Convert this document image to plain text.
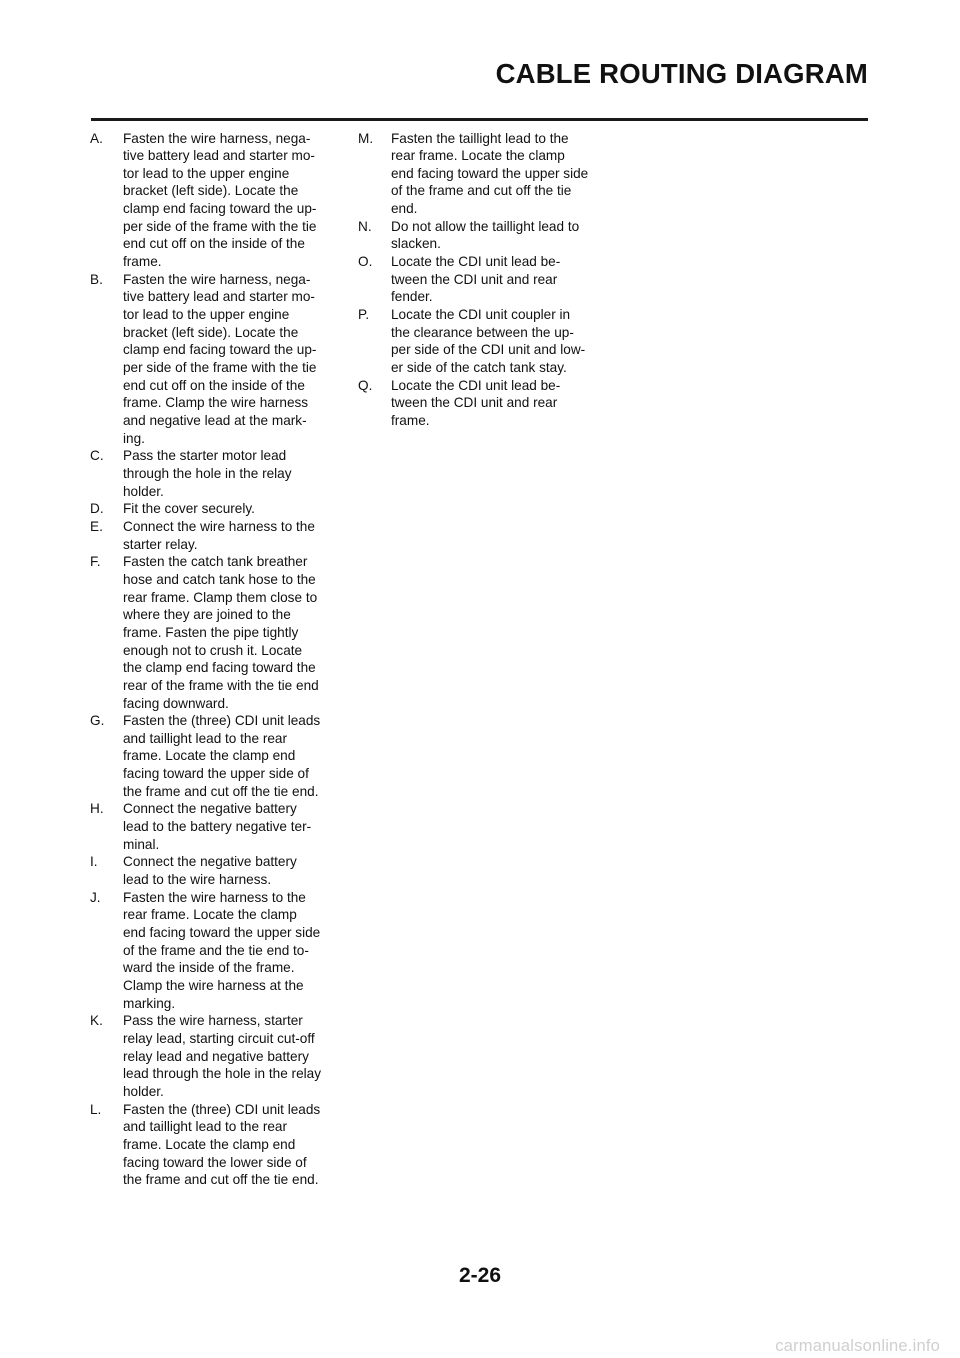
CABLE ROUTING DIAGRAM
A.	Fasten the wire harness, nega-
tive battery lead and starter mo-
tor lead to the upper engine
bracket (left side). Locate the
clamp end facing toward the up-
per side of the frame with the tie
end cut off on the inside of the
frame.
B.	Fasten the wire harness, nega-
tive battery lead and starter mo-
tor lead to the upper engine
bracket (left side). Locate the
clamp end facing toward the up-
per side of the frame with the tie
end cut off on the inside of the
frame. Clamp the wire harness
and negative lead at the mark-
ing.
C.	Pass the starter motor lead
through the hole in the relay
holder.
D.	Fit the cover securely.
E.	Connect the wire harness to the
starter relay.
F.	Fasten the catch tank breather
hose and catch tank hose to the
rear frame. Clamp them close to
where they are joined to the
frame. Fasten the pipe tightly
enough not to crush it. Locate
the clamp end facing toward the
rear of the frame with the tie end
facing downward.
G.	Fasten the (three) CDI unit leads
and taillight lead to the rear
frame. Locate the clamp end
facing toward the upper side of
the frame and cut off the tie end.
H.	Connect the negative battery
lead to the battery negative ter-
minal.
I.	Connect the negative battery
lead to the wire harness.
J.	Fasten the wire harness to the
rear frame. Locate the clamp
end facing toward the upper side
of the frame and the tie end to-
ward the inside of the frame.
Clamp the wire harness at the
marking.
K.	Pass the wire harness, starter
relay lead, starting circuit cut-off
relay lead and negative battery
lead through the hole in the relay
holder.
L.	Fasten the (three) CDI unit leads
and taillight lead to the rear
frame. Locate the clamp end
facing toward the lower side of
the frame and cut off the tie end.
M.	Fasten the taillight lead to the
rear frame. Locate the clamp
end facing toward the upper side
of the frame and cut off the tie
end.
N.	Do not allow the taillight lead to
slacken.
O.	Locate the CDI unit lead be-
tween the CDI unit and rear
fender.
P.	Locate the CDI unit coupler in
the clearance between the up-
per side of the CDI unit and low-
er side of the catch tank stay.
Q.	Locate the CDI unit lead be-
tween the CDI unit and rear
frame.
2-26
carmanualsonline.info
